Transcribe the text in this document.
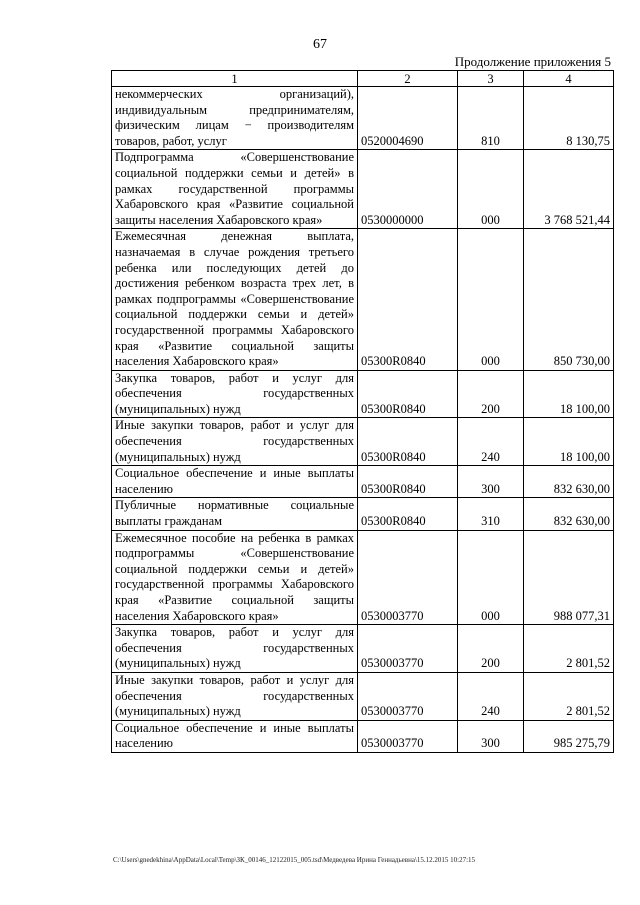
67
Продолжение приложения 5
1	2	3	4
некоммерческих организаций), индивидуальным предпринимателям, физическим лицам − производителям товаров, работ, услуг	0520004690	810	8 130,75
Подпрограмма «Совершенствование социальной поддержки семьи и детей» в рамках государственной программы Хабаровского края «Развитие социальной защиты населения Хабаровского края»	0530000000	000	3 768 521,44
Ежемесячная денежная выплата, назначаемая в случае рождения третьего ребенка или последующих детей до достижения ребенком возраста трех лет, в рамках подпрограммы «Совершенствование социальной поддержки семьи и детей» государственной программы Хабаровского края «Развитие социальной защиты населения Хабаровского края»	05300R0840	000	850 730,00
Закупка товаров, работ и услуг для обеспечения государственных (муниципальных) нужд	05300R0840	200	18 100,00
Иные закупки товаров, работ и услуг для обеспечения государственных (муниципальных) нужд	05300R0840	240	18 100,00
Социальное обеспечение и иные выплаты населению	05300R0840	300	832 630,00
Публичные нормативные социальные выплаты гражданам	05300R0840	310	832 630,00
Ежемесячное пособие на ребенка в рамках подпрограммы «Совершенствование социальной поддержки семьи и детей» государственной программы Хабаровского края «Развитие социальной защиты населения Хабаровского края»	0530003770	000	988 077,31
Закупка товаров, работ и услуг для обеспечения государственных (муниципальных) нужд	0530003770	200	2 801,52
Иные закупки товаров, работ и услуг для обеспечения государственных (муниципальных) нужд	0530003770	240	2 801,52
Социальное обеспечение и иные выплаты населению	0530003770	300	985 275,79
C:\Users\gnedekhina\AppData\Local\Temp\ЗК_00146_12122015_005.tsd\Медведева Ирина Геннадьевна\15.12.2015 10:27:15
